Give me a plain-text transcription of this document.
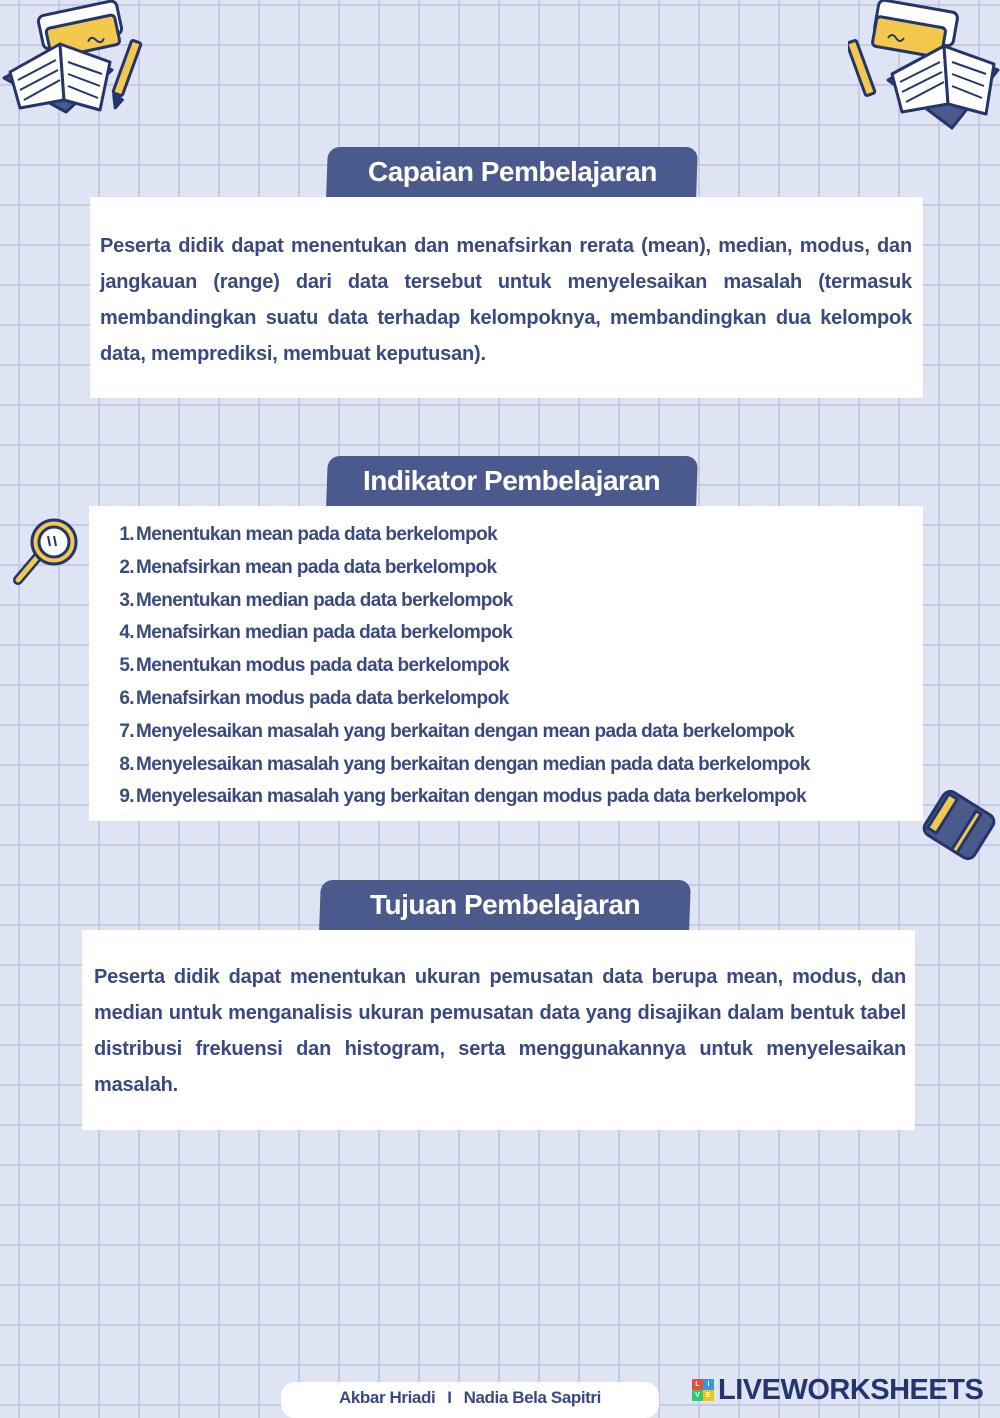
Capaian Pembelajaran
Peserta didik dapat menentukan dan menafsirkan rerata (mean), median, modus, dan jangkauan (range) dari data tersebut untuk menyelesaikan masalah (termasuk membandingkan suatu data terhadap kelompoknya, membandingkan dua kelompok data, memprediksi, membuat keputusan).
Indikator Pembelajaran
1. Menentukan mean pada data berkelompok
2. Menafsirkan mean pada data berkelompok
3. Menentukan median pada data berkelompok
4. Menafsirkan median pada data berkelompok
5. Menentukan modus pada data berkelompok
6. Menafsirkan modus pada data berkelompok
7. Menyelesaikan masalah yang berkaitan dengan mean pada data berkelompok
8. Menyelesaikan masalah yang berkaitan dengan median pada data berkelompok
9. Menyelesaikan masalah yang berkaitan dengan modus pada data berkelompok
Tujuan Pembelajaran
Peserta didik dapat menentukan ukuran pemusatan data berupa mean, modus, dan median untuk menganalisis ukuran pemusatan data yang disajikan dalam bentuk tabel distribusi frekuensi dan histogram, serta menggunakannya untuk menyelesaikan masalah.
Akbar Hriadi I Nadia Bela Sapitri
L	I
V E LIVEWORKSHEETS
